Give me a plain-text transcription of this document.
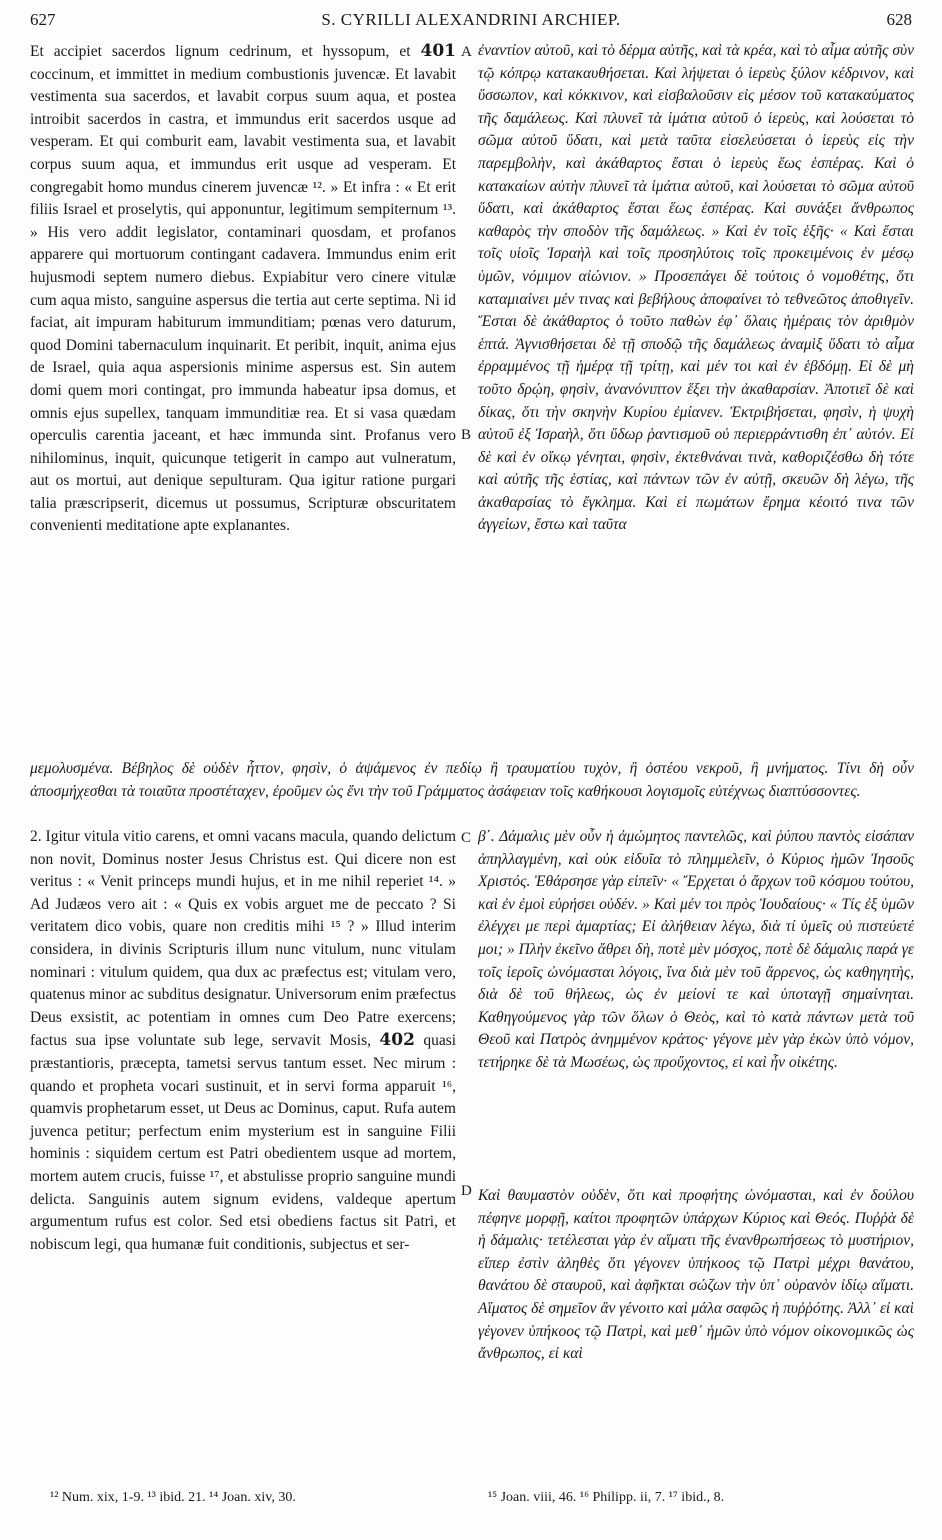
627	S. CYRILLI ALEXANDRINI ARCHIEP.	628

Et accipiet sacerdos lignum cedrinum, et hyssopum, et 401 coccinum, et immittet in medium combustionis juvencæ. Et lavabit vestimenta sua sacerdos, et lavabit corpus suum aqua, et postea introibit sacerdos in castra, et immundus erit sacerdos usque ad vesperam. Et qui comburit eam, lavabit vestimenta sua, et lavabit corpus suum aqua, et immundus erit usque ad vesperam. Et congregabit homo mundus cinerem juvencæ ¹². » Et infra : « Et erit filiis Israel et proselytis, qui apponuntur, legitimum sempiternum ¹³. » His vero addit legislator, contaminari quosdam, et profanos apparere qui mortuorum contingant cadavera. Immundus enim erit hujusmodi septem numero diebus. Expiabitur vero cinere vitulæ cum aqua misto, sanguine aspersus die tertia aut certe septima. Ni id faciat, ait impuram habiturum immunditiam; pœnas vero daturum, quod Domini tabernaculum inquinarit. Et peribit, inquit, anima ejus de Israel, quia aqua aspersionis minime aspersus est. Sin autem domi quem mori contingat, pro immunda habeatur ipsa domus, et omnis ejus supellex, tanquam immunditiæ rea. Et si vasa quædam operculis carentia jaceant, et hæc immunda sint. Profanus vero nihilominus, inquit, quicunque tetigerit in campo aut vulneratum, aut os mortui, aut denique sepulturam. Qua igitur ratione purgari talia præscripserit, dicemus ut possumus, Scripturæ obscuritatem convenienti meditatione apte explanantes.

A
B

ἐναντίον αὐτοῦ, καὶ τὸ δέρμα αὐτῆς, καὶ τὰ κρέα, καὶ τὸ αἷμα αὐτῆς σὺν τῷ κόπρῳ κατακαυθήσεται. Καὶ λήψεται ὁ ἱερεὺς ξύλον κέδρινον, καὶ ὕσσωπον, καὶ κόκκινον, καὶ εἰσβαλοῦσιν εἰς μέσον τοῦ κατακαύματος τῆς δαμάλεως. Καὶ πλυνεῖ τὰ ἱμάτια αὐτοῦ ὁ ἱερεὺς, καὶ λούσεται τὸ σῶμα αὐτοῦ ὕδατι, καὶ μετὰ ταῦτα εἰσελεύσεται ὁ ἱερεὺς εἰς τὴν παρεμβολὴν, καὶ ἀκάθαρτος ἔσται ὁ ἱερεὺς ἕως ἑσπέρας. Καὶ ὁ κατακαίων αὐτὴν πλυνεῖ τὰ ἱμάτια αὐτοῦ, καὶ λούσεται τὸ σῶμα αὐτοῦ ὕδατι, καὶ ἀκάθαρτος ἔσται ἕως ἑσπέρας. Καὶ συνάξει ἄνθρωπος καθαρὸς τὴν σποδὸν τῆς δαμάλεως. » Καὶ ἐν τοῖς ἑξῆς· « Καὶ ἔσται τοῖς υἱοῖς Ἰσραὴλ καὶ τοῖς προσηλύτοις τοῖς προκειμένοις ἐν μέσῳ ὑμῶν, νόμιμον αἰώνιον. » Προσεπάγει δὲ τούτοις ὁ νομοθέτης, ὅτι καταμιαίνει μέν τινας καὶ βεβήλους ἀποφαίνει τὸ τεθνεῶτος ἀποθιγεῖν. Ἔσται δὲ ἀκάθαρτος ὁ τοῦτο παθὼν ἐφ᾽ ὅλαις ἡμέραις τὸν ἀριθμὸν ἑπτά. Ἁγνισθήσεται δὲ τῇ σποδῷ τῆς δαμάλεως ἀναμὶξ ὕδατι τὸ αἷμα ἐρραμμένος τῇ ἡμέρᾳ τῇ τρίτῃ, καὶ μέν τοι καὶ ἐν ἑβδόμῃ. Εἰ δὲ μὴ τοῦτο δρῴη, φησὶν, ἀνανόνιπτον ἕξει τὴν ἀκαθαρσίαν. Ἀποτιεῖ δὲ καὶ δίκας, ὅτι τὴν σκηνὴν Κυρίου ἐμίανεν. Ἐκτριβήσεται, φησὶν, ἡ ψυχὴ αὐτοῦ ἐξ Ἰσραὴλ, ὅτι ὕδωρ ῥαντισμοῦ οὐ περιερράντισθη ἐπ᾽ αὐτόν. Εἰ δὲ καὶ ἐν οἴκῳ γένηται, φησὶν, ἐκτεθνάναι τινὰ, καθοριζέσθω δὴ τότε καὶ αὐτῆς τῆς ἑστίας, καὶ πάντων τῶν ἐν αὐτῇ, σκευῶν δὴ λέγω, τῆς ἀκαθαρσίας τὸ ἔγκλημα. Καὶ εἰ πωμάτων ἔρημα κέοιτό τινα τῶν ἀγγείων, ἔστω καὶ ταῦτα

μεμολυσμένα. Βέβηλος δὲ οὐδὲν ἧττον, φησὶν, ὁ ἀψάμενος ἐν πεδίῳ ἢ τραυματίου τυχὸν, ἢ ὀστέου νεκροῦ, ἢ μνήματος. Τίνι δὴ οὖν ἀποσμήχεσθαι τὰ τοιαῦτα προστέταχεν, ἐροῦμεν ὡς ἔνι τὴν τοῦ Γράμματος ἀσάφειαν τοῖς καθήκουσι λογισμοῖς εὐτέχνως διαπτύσσοντες.

2. Igitur vitula vitio carens, et omni vacans macula, quando delictum non novit, Dominus noster Jesus Christus est. Qui dicere non est veritus : « Venit princeps mundi hujus, et in me nihil reperiet ¹⁴. » Ad Judæos vero ait : « Quis ex vobis arguet me de peccato ? Si veritatem dico vobis, quare non creditis mihi ¹⁵ ? » Illud interim considera, in divinis Scripturis illum nunc vitulum, nunc vitulam nominari : vitulum quidem, qua dux ac præfectus est; vitulam vero, quatenus minor ac subditus designatur. Universorum enim præfectus Deus exsistit, ac potentiam in omnes cum Deo Patre exercens; factus sua ipse voluntate sub lege, servavit Mosis, 402 quasi præstantioris, præcepta, tametsi servus tantum esset. Nec mirum : quando et propheta vocari sustinuit, et in servi forma apparuit ¹⁶, quamvis prophetarum esset, ut Deus ac Dominus, caput. Rufa autem juvenca petitur; perfectum enim mysterium est in sanguine Filii hominis : siquidem certum est Patri obedientem usque ad mortem, mortem autem crucis, fuisse ¹⁷, et abstulisse proprio sanguine mundi delicta. Sanguinis autem signum evidens, valdeque apertum argumentum rufus est color. Sed etsi obediens factus sit Patri, et nobiscum legi, qua humanæ fuit conditionis, subjectus et ser-

C
D

β΄. Δάμαλις μὲν οὖν ἡ ἀμώμητος παντελῶς, καὶ ῥύπου παντὸς εἰσάπαν ἀπηλλαγμένη, καὶ οὐκ εἰδυῖα τὸ πλημμελεῖν, ὁ Κύριος ἡμῶν Ἰησοῦς Χριστός. Ἐθάρσησε γὰρ εἰπεῖν· « Ἔρχεται ὁ ἄρχων τοῦ κόσμου τούτου, καὶ ἐν ἐμοὶ εὑρήσει οὐδέν. » Καὶ μέν τοι πρὸς Ἰουδαίους· « Τίς ἐξ ὑμῶν ἐλέγχει με περὶ ἁμαρτίας; Εἰ ἀλήθειαν λέγω, διὰ τί ὑμεῖς οὐ πιστεύετέ μοι; » Πλὴν ἐκεῖνο ἄθρει δὴ, ποτὲ μὲν μόσχος, ποτὲ δὲ δάμαλις παρά γε τοῖς ἱεροῖς ὠνόμασται λόγοις, ἵνα διὰ μὲν τοῦ ἄρρενος, ὡς καθηγητὴς, διὰ δὲ τοῦ θήλεως, ὡς ἐν μείονί τε καὶ ὑποταγῇ σημαίνηται. Καθηγούμενος γὰρ τῶν ὅλων ὁ Θεὸς, καὶ τὸ κατὰ πάντων μετὰ τοῦ Θεοῦ καὶ Πατρὸς ἀνημμένον κράτος· γέγονε μὲν γὰρ ἑκὼν ὑπὸ νόμον, τετήρηκε δὲ τὰ Μωσέως, ὡς προὔχοντος, εἰ καὶ ἦν οἰκέτης.

Καὶ θαυμαστὸν οὐδὲν, ὅτι καὶ προφήτης ὠνόμασται, καὶ ἐν δούλου πέφηνε μορφῇ, καίτοι προφητῶν ὑπάρχων Κύριος καὶ Θεός. Πυῤῥὰ δὲ ἡ δάμαλις· τετέλεσται γὰρ ἐν αἵματι τῆς ἐνανθρωπήσεως τὸ μυστήριον, εἴπερ ἐστὶν ἀληθὲς ὅτι γέγονεν ὑπήκοος τῷ Πατρὶ μέχρι θανάτου, θανάτου δὲ σταυροῦ, καὶ ἀφῆκται σώζων τὴν ὑπ᾽ οὐρανὸν ἰδίῳ αἵματι. Αἵματος δὲ σημεῖον ἂν γένοιτο καὶ μάλα σαφῶς ἡ πυῤῥότης. Ἀλλ᾽ εἰ καὶ γέγονεν ὑπήκοος τῷ Πατρὶ, καὶ μεθ᾽ ἡμῶν ὑπὸ νόμον οἰκονομικῶς ὡς ἄνθρωπος, εἰ καὶ

¹² Num. xix, 1-9. ¹³ ibid. 21. ¹⁴ Joan. xiv, 30.	¹⁵ Joan. viii, 46. ¹⁶ Philipp. ii, 7. ¹⁷ ibid., 8.
